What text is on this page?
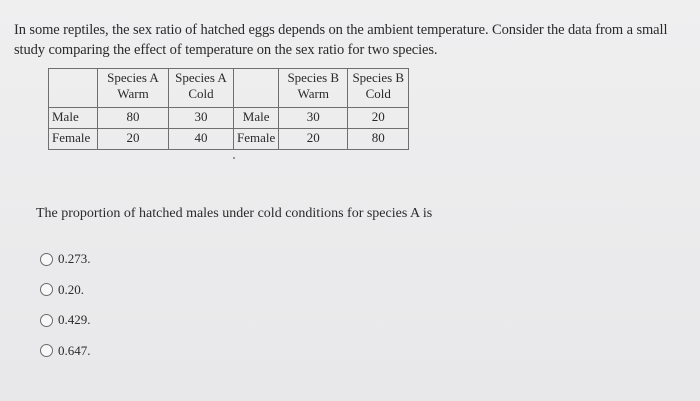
In some reptiles, the sex ratio of hatched eggs depends on the ambient temperature. Consider the data from a small study comparing the effect of temperature on the sex ratio for two species.
	Species A Warm	Species A Cold		Species B Warm	Species B Cold
Male	80	30	Male	30	20
Female	20	40	Female	20	80
The proportion of hatched males under cold conditions for species A is
0.273.
0.20.
0.429.
0.647.
